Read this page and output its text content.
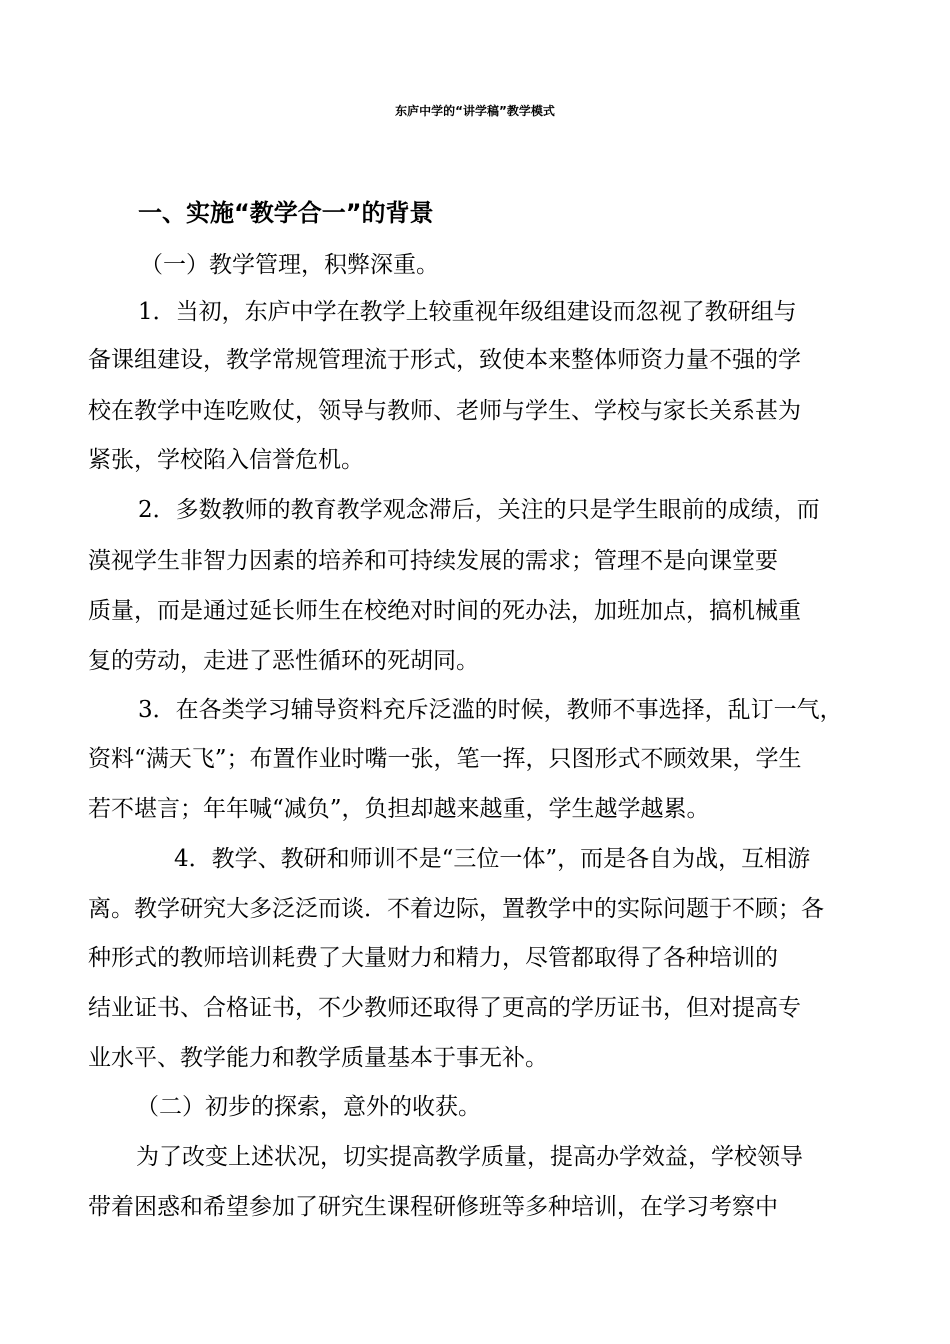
东庐中学的“讲学稿”教学模式
一、实施“教学合一”的背景
（一）教学管理，积弊深重。
1．当初，东庐中学在教学上较重视年级组建设而忽视了教研组与
备课组建设，教学常规管理流于形式，致使本来整体师资力量不强的学
校在教学中连吃败仗，领导与教师、老师与学生、学校与家长关系甚为
紧张，学校陷入信誉危机。
2．多数教师的教育教学观念滞后，关注的只是学生眼前的成绩，而
漠视学生非智力因素的培养和可持续发展的需求；管理不是向课堂要
质量，而是通过延长师生在校绝对时间的死办法，加班加点，搞机械重
复的劳动，走进了恶性循环的死胡同。
3．在各类学习辅导资料充斥泛滥的时候，教师不事选择，乱订一气，
资料“满天飞”；布置作业时嘴一张，笔一挥，只图形式不顾效果，学生
若不堪言；年年喊“减负”，负担却越来越重，学生越学越累。
4．教学、教研和师训不是“三位一体”，而是各自为战，互相游
离。教学研究大多泛泛而谈．不着边际，置教学中的实际问题于不顾；各
种形式的教师培训耗费了大量财力和精力，尽管都取得了各种培训的
结业证书、合格证书，不少教师还取得了更高的学历证书，但对提高专
业水平、教学能力和教学质量基本于事无补。
（二）初步的探索，意外的收获。
为了改变上述状况，切实提高教学质量，提高办学效益，学校领导
带着困惑和希望参加了研究生课程研修班等多种培训，在学习考察中
